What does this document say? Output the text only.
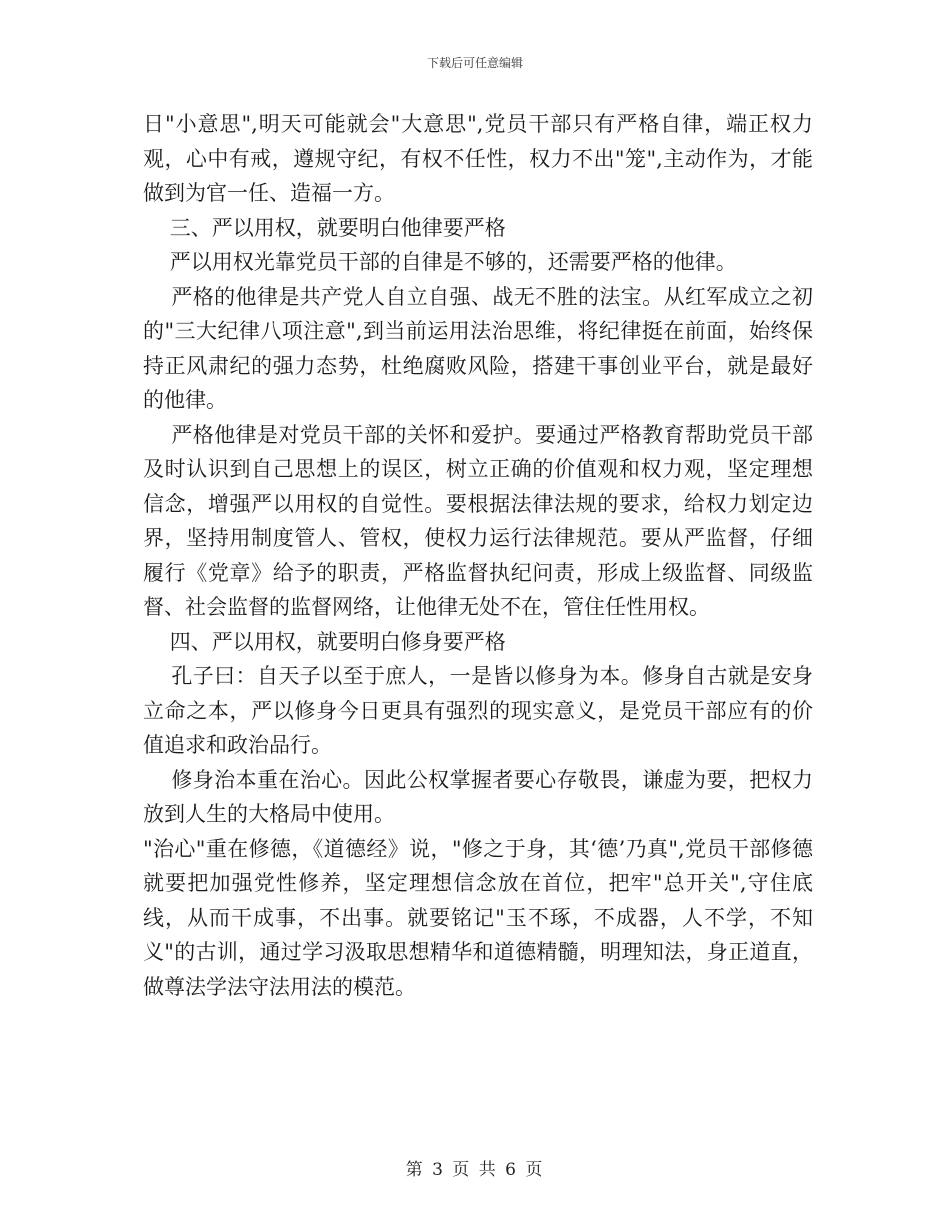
下载后可任意编辑

日"小意思",明天可能就会"大意思",党员干部只有严格自律，端正权力观，心中有戒，遵规守纪，有权不任性，权力不出"笼",主动作为，才能做到为官一任、造福一方。

三、严以用权，就要明白他律要严格

严以用权光靠党员干部的自律是不够的，还需要严格的他律。

严格的他律是共产党人自立自强、战无不胜的法宝。从红军成立之初的"三大纪律八项注意",到当前运用法治思维，将纪律挺在前面，始终保持正风肃纪的强力态势，杜绝腐败风险，搭建干事创业平台，就是最好的他律。

严格他律是对党员干部的关怀和爱护。要通过严格教育帮助党员干部及时认识到自己思想上的误区，树立正确的价值观和权力观，坚定理想信念，增强严以用权的自觉性。要根据法律法规的要求，给权力划定边界，坚持用制度管人、管权，使权力运行法律规范。要从严监督，仔细履行《党章》给予的职责，严格监督执纪问责，形成上级监督、同级监督、社会监督的监督网络，让他律无处不在，管住任性用权。

四、严以用权，就要明白修身要严格

孔子曰：自天子以至于庶人，一是皆以修身为本。修身自古就是安身立命之本，严以修身今日更具有强烈的现实意义，是党员干部应有的价值追求和政治品行。

修身治本重在治心。因此公权掌握者要心存敬畏，谦虚为要，把权力放到人生的大格局中使用。

"治心"重在修德，《道德经》说，"修之于身，其‘德’乃真",党员干部修德就要把加强党性修养，坚定理想信念放在首位，把牢"总开关",守住底线，从而干成事，不出事。就要铭记"玉不琢，不成器，人不学，不知义"的古训，通过学习汲取思想精华和道德精髓，明理知法，身正道直，做尊法学法守法用法的模范。

第 3 页 共 6 页
